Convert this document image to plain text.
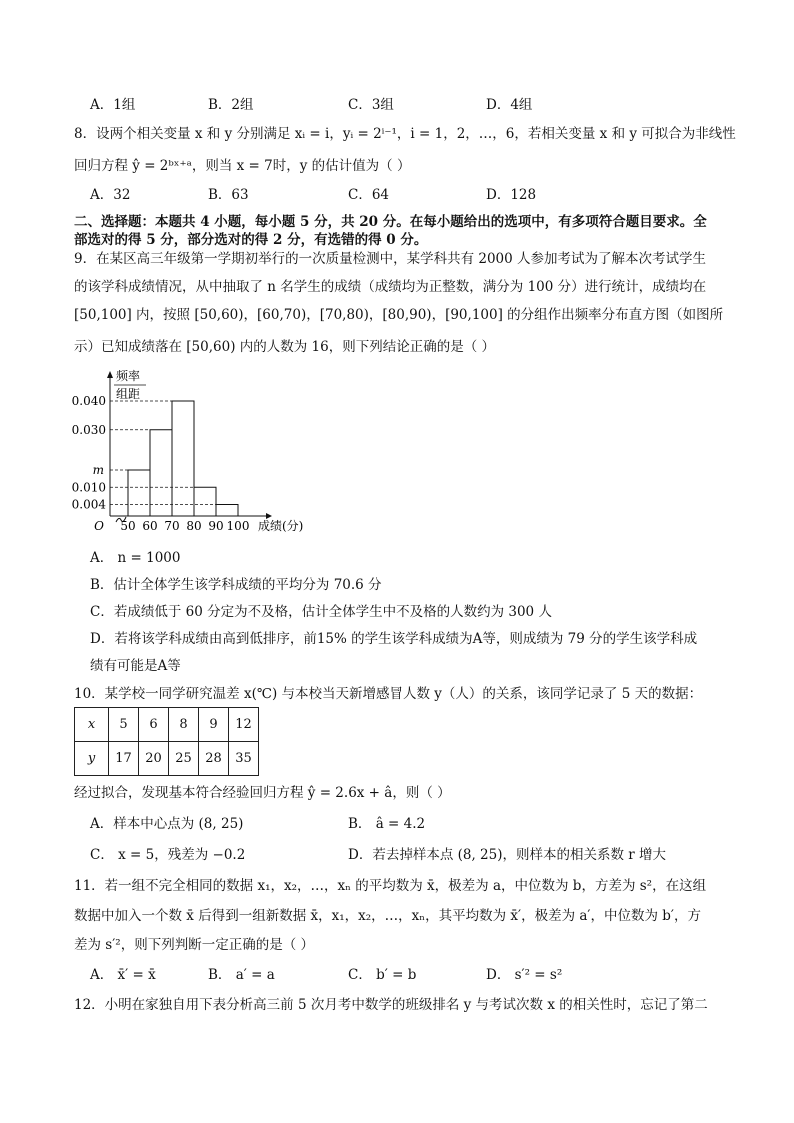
A．1组	B．2组	C．3组	D．4组
8．设两个相关变量 x 和 y 分别满足 xᵢ = i，yᵢ = 2ⁱ⁻¹，i = 1，2，…，6，若相关变量 x 和 y 可拟合为非线性
回归方程 ŷ = 2ᵇˣ⁺ᵃ，则当 x = 7时，y 的估计值为（ ）
A．32	B．63	C．64	D．128
二、选择题：本题共 4 小题，每小题 5 分，共 20 分。在每小题给出的选项中，有多项符合题目要求。全
部选对的得 5 分，部分选对的得 2 分，有选错的得 0 分。
9．在某区高三年级第一学期初举行的一次质量检测中，某学科共有 2000 人参加考试为了解本次考试学生
的该学科成绩情况，从中抽取了 n 名学生的成绩（成绩均为正整数，满分为 100 分）进行统计，成绩均在
[50,100] 内，按照 [50,60)，[60,70)，[70,80)，[80,90)，[90,100] 的分组作出频率分布直方图（如图所
示）已知成绩落在 [50,60) 内的人数为 16，则下列结论正确的是（ ）
频率
组距
0.040
0.030
m
0.010
0.004
O 50 60 70 80 90 100 成绩(分)
A． n = 1000
B．估计全体学生该学科成绩的平均分为 70.6 分
C．若成绩低于 60 分定为不及格，估计全体学生中不及格的人数约为 300 人
D．若将该学科成绩由高到低排序，前15% 的学生该学科成绩为A等，则成绩为 79 分的学生该学科成
绩有可能是A等
10．某学校一同学研究温差 x(℃) 与本校当天新增感冒人数 y（人）的关系，该同学记录了 5 天的数据：
x	5	6	8	9	12
y	17	20	25	28	35
经过拟合，发现基本符合经验回归方程 ŷ = 2.6x + â，则（ ）
A．样本中心点为 (8, 25)	B． â = 4.2
C． x = 5，残差为 −0.2	D．若去掉样本点 (8, 25)，则样本的相关系数 r 增大
11．若一组不完全相同的数据 x₁，x₂，…，xₙ 的平均数为 x̄，极差为 a，中位数为 b，方差为 s²，在这组
数据中加入一个数 x̄ 后得到一组新数据 x̄，x₁，x₂，…，xₙ，其平均数为 x̄′，极差为 a′，中位数为 b′，方
差为 s′²，则下列判断一定正确的是（ ）
A． x̄′ = x̄	B． a′ = a	C． b′ = b	D． s′² = s²
12．小明在家独自用下表分析高三前 5 次月考中数学的班级排名 y 与考试次数 x 的相关性时，忘记了第二
